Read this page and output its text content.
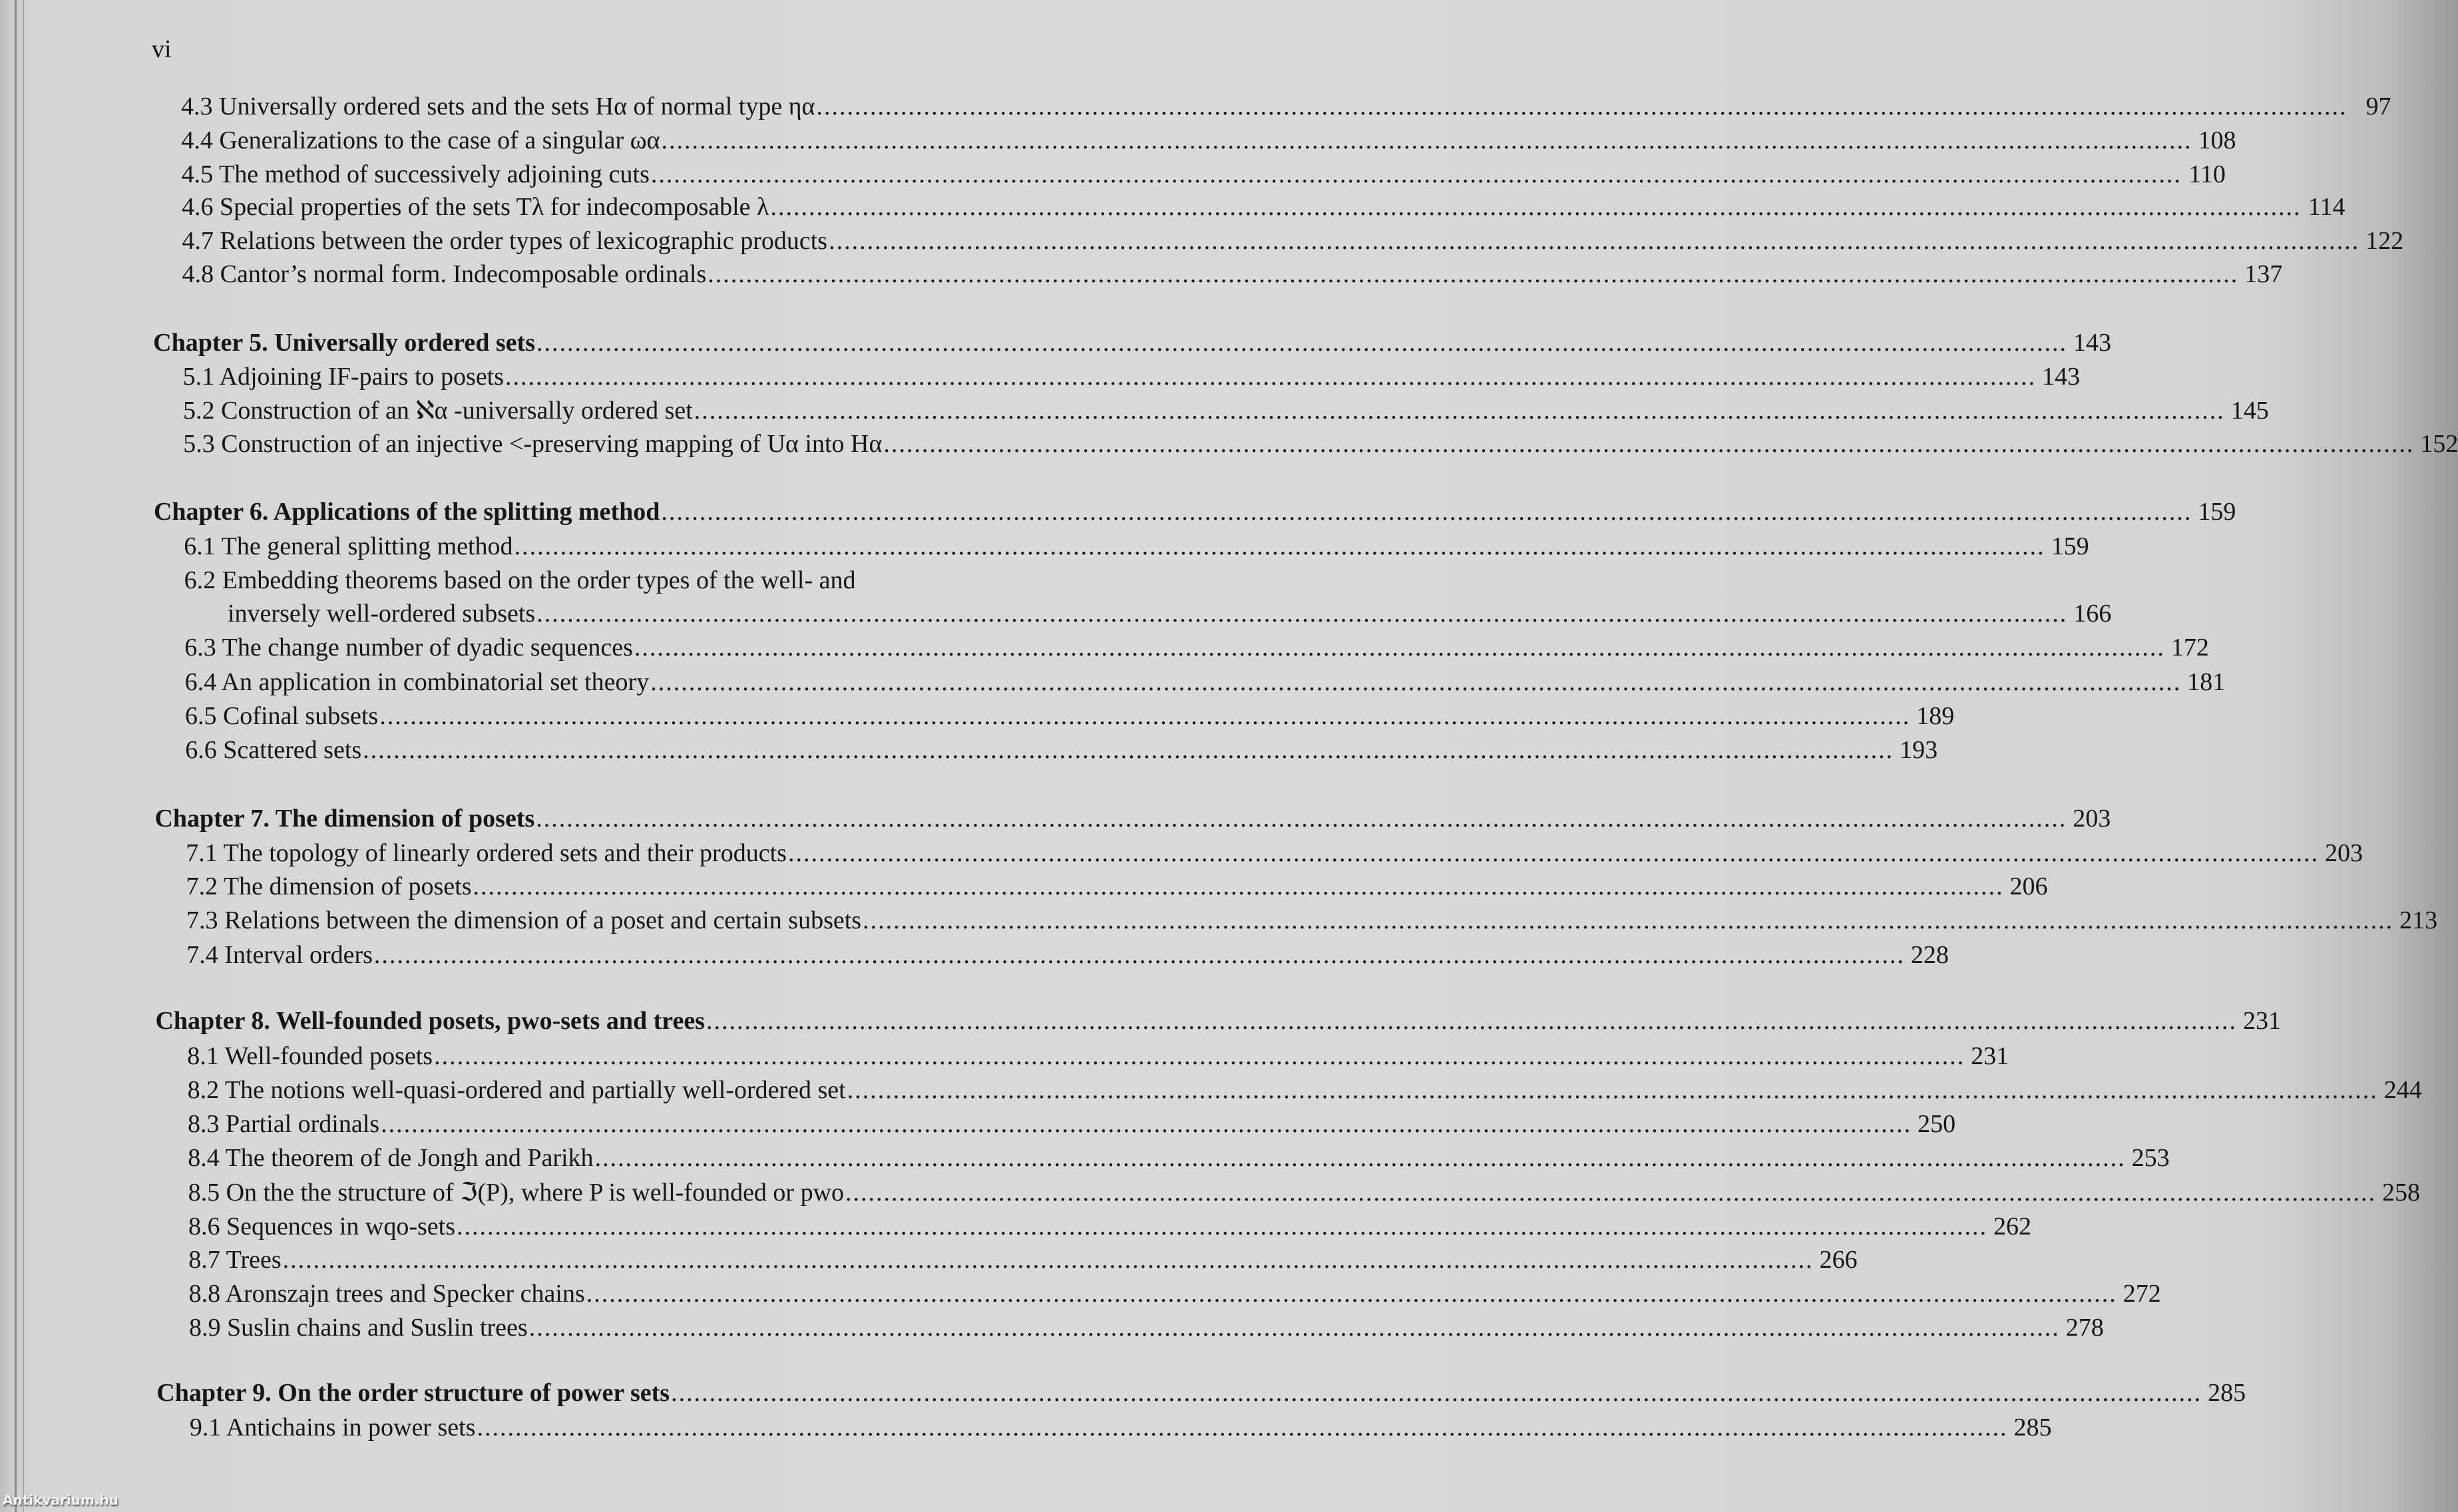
vi
4.3 Universally ordered sets and the sets Hα of normal type ηα ........................................................................................................................................................................................................ 97
4.4 Generalizations to the case of a singular ωα ........................................................................................................................................................................................................ 108
4.5 The method of successively adjoining cuts ........................................................................................................................................................................................................ 110
4.6 Special properties of the sets Tλ for indecomposable λ ........................................................................................................................................................................................................ 114
4.7 Relations between the order types of lexicographic products ........................................................................................................................................................................................................ 122
4.8 Cantor’s normal form. Indecomposable ordinals ........................................................................................................................................................................................................ 137
Chapter 5. Universally ordered sets ........................................................................................................................................................................................................ 143
5.1 Adjoining IF-pairs to posets ........................................................................................................................................................................................................ 143
5.2 Construction of an ℵα -universally ordered set ........................................................................................................................................................................................................ 145
5.3 Construction of an injective <-preserving mapping of Uα into Hα ........................................................................................................................................................................................................ 152
Chapter 6. Applications of the splitting method ........................................................................................................................................................................................................ 159
6.1 The general splitting method ........................................................................................................................................................................................................ 159
6.2 Embedding theorems based on the order types of the well- and
inversely well-ordered subsets ........................................................................................................................................................................................................ 166
6.3 The change number of dyadic sequences ........................................................................................................................................................................................................ 172
6.4 An application in combinatorial set theory ........................................................................................................................................................................................................ 181
6.5 Cofinal subsets ........................................................................................................................................................................................................ 189
6.6 Scattered sets ........................................................................................................................................................................................................ 193
Chapter 7. The dimension of posets ........................................................................................................................................................................................................ 203
7.1 The topology of linearly ordered sets and their products ........................................................................................................................................................................................................ 203
7.2 The dimension of posets ........................................................................................................................................................................................................ 206
7.3 Relations between the dimension of a poset and certain subsets ........................................................................................................................................................................................................ 213
7.4 Interval orders ........................................................................................................................................................................................................ 228
Chapter 8. Well-founded posets, pwo-sets and trees ........................................................................................................................................................................................................ 231
8.1 Well-founded posets ........................................................................................................................................................................................................ 231
8.2 The notions well-quasi-ordered and partially well-ordered set ........................................................................................................................................................................................................ 244
8.3 Partial ordinals ........................................................................................................................................................................................................ 250
8.4 The theorem of de Jongh and Parikh ........................................................................................................................................................................................................ 253
8.5 On the the structure of ℑ(P), where P is well-founded or pwo ........................................................................................................................................................................................................ 258
8.6 Sequences in wqo-sets ........................................................................................................................................................................................................ 262
8.7 Trees ........................................................................................................................................................................................................ 266
8.8 Aronszajn trees and Specker chains ........................................................................................................................................................................................................ 272
8.9 Suslin chains and Suslin trees ........................................................................................................................................................................................................ 278
Chapter 9. On the order structure of power sets ........................................................................................................................................................................................................ 285
9.1 Antichains in power sets ........................................................................................................................................................................................................ 285
Antikvarium.hu
